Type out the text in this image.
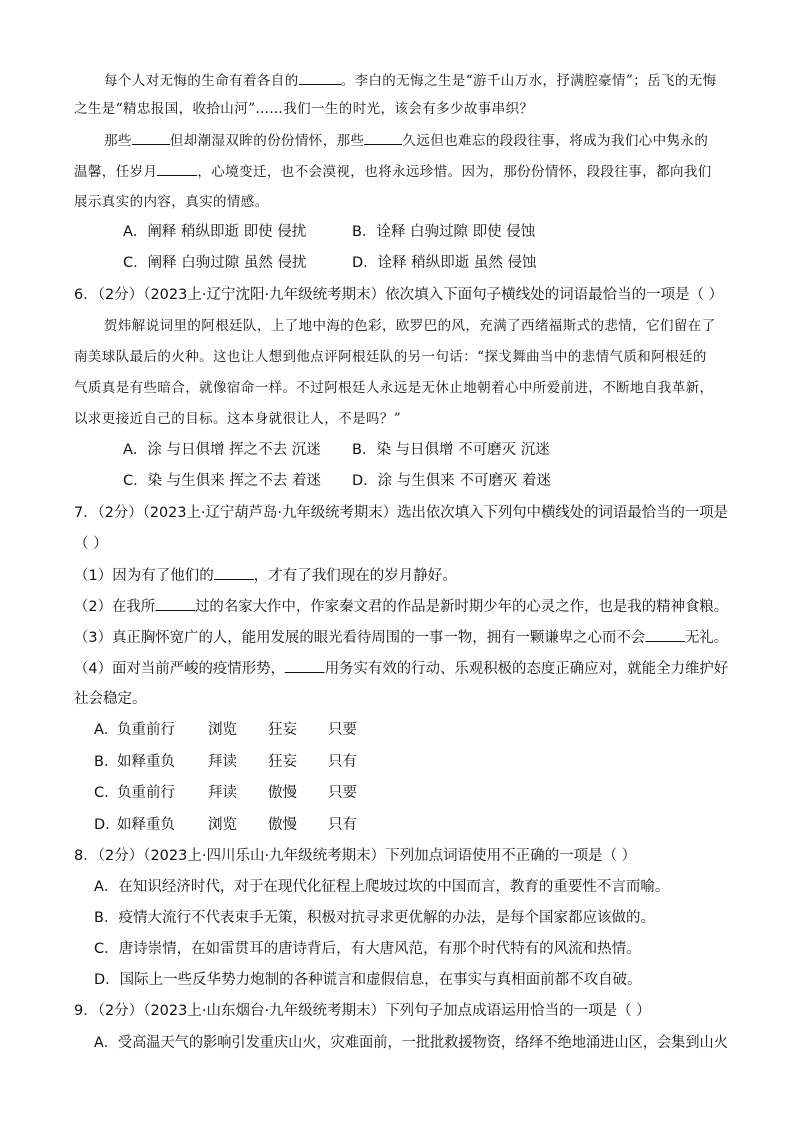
每个人对无悔的生命有着各自的	。李白的无悔之生是“游千山万水，抒满腔豪情”；岳飞的无悔
之生是“精忠报国，收拾山河”……我们一生的时光，该会有多少故事串织？
那些	但却潮湿双眸的份份情怀，那些	久远但也难忘的段段往事，将成为我们心中隽永的
温馨，任岁月	，心境变迁，也不会漠视，也将永远珍惜。因为，那份份情怀，段段往事，都向我们
展示真实的内容，真实的情感。
A．阐释 稍纵即逝 即使 侵扰	B．诠释 白驹过隙 即使 侵蚀
C．阐释 白驹过隙 虽然 侵扰	D．诠释 稍纵即逝 虽然 侵蚀
6．（2分）（2023上·辽宁沈阳·九年级统考期末）依次填入下面句子横线处的词语最恰当的一项是（ ）
贺炜解说词里的阿根廷队，上了地中海的色彩，欧罗巴的风，充满了西绪福斯式的悲情，它们留在了
南美球队最后的火种。这也让人想到他点评阿根廷队的另一句话：“探戈舞曲当中的悲情气质和阿根廷的
气质真是有些暗合，就像宿命一样。不过阿根廷人永远是无休止地朝着心中所爱前进，不断地自我革新，
以求更接近自己的目标。这本身就很让人，不是吗？”
A．涂 与日俱增 挥之不去 沉迷 B．染 与日俱增 不可磨灭 沉迷
C．染 与生俱来 挥之不去 着迷 D．涂 与生俱来 不可磨灭 着迷
7．（2分）（2023上·辽宁葫芦岛·九年级统考期末）选出依次填入下列句中横线处的词语最恰当的一项是
（ ）
（1）因为有了他们的	，才有了我们现在的岁月静好。
（2）在我所	过的名家大作中，作家秦文君的作品是新时期少年的心灵之作，也是我的精神食粮。
（3）真正胸怀宽广的人，能用发展的眼光看待周围的一事一物，拥有一颗谦卑之心而不会	无礼。
（4）面对当前严峻的疫情形势，	用务实有效的行动、乐观积极的态度正确应对，就能全力维护好
社会稳定。
A．
负重前行 浏览 狂妄 只要
B．
如释重负 拜读 狂妄 只有
C．
负重前行 拜读 傲慢 只要
D．
如释重负 浏览 傲慢 只有
8．（2分）（2023上·四川乐山·九年级统考期末）下列加点词语使用不正确的一项是（ ）
A．在知识经济时代，对于在现代化征程上爬坡过坎的中国而言，教育的重要性不言而喻。
B．疫情大流行不代表束手无策，积极对抗寻求更优解的办法，是每个国家都应该做的。
C．唐诗崇情，在如雷贯耳的唐诗背后，有大唐风范，有那个时代特有的风流和热情。
D．国际上一些反华势力炮制的各种谎言和虚假信息，在事实与真相面前都不攻自破。
9．（2分）（2023上·山东烟台·九年级统考期末）下列句子加点成语运用恰当的一项是（ ）
A．受高温天气的影响引发重庆山火，灾难面前，一批批救援物资，络绎不绝地涌进山区，会集到山火
